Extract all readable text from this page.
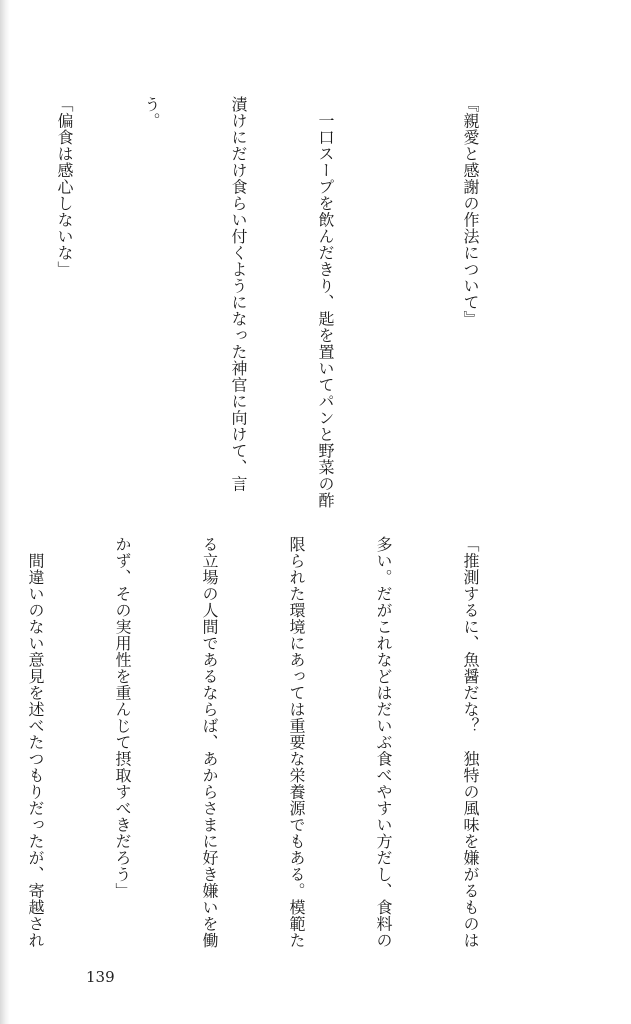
『親愛と感謝の作法について』

　一口スープを飲んだきり、匙を置いてパンと野菜の酢

漬けにだけ食らい付くようになった神官に向けて、言

う。

「偏食は感心しないな」

「推測するに、魚醤だな？　独特の風味を嫌がるものは

多い。だがこれなどはだいぶ食べやすい方だし、食料の

限られた環境にあっては重要な栄養源でもある。模範た

る立場の人間であるならば、あからさまに好き嫌いを働

かず、その実用性を重んじて摂取すべきだろう」

　間違いのない意見を述べたつもりだったが、寄越され

139
